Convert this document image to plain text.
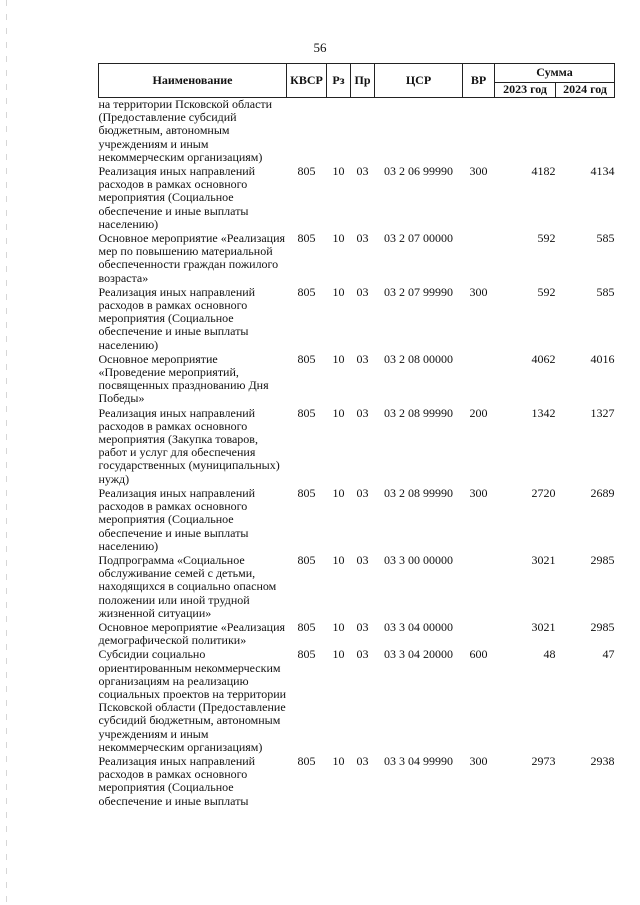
56
Наименование	КВСР	Рз	Пр	ЦСР	ВР	Сумма	
						2023 год	2024 год
на территории Псковской области (Предоставление субсидий бюджетным, автономным учреждениям и иным некоммерческим организациям)							
Реализация иных направлений расходов в рамках основного мероприятия (Социальное обеспечение и иные выплаты населению)	805	10	03	03 2 06 99990	300	4182	4134
Основное мероприятие «Реализация мер по повышению материальной обеспеченности граждан пожилого возраста»	805	10	03	03 2 07 00000		592	585
Реализация иных направлений расходов в рамках основного мероприятия (Социальное обеспечение и иные выплаты населению)	805	10	03	03 2 07 99990	300	592	585
Основное мероприятие «Проведение мероприятий, посвященных празднованию Дня Победы»	805	10	03	03 2 08 00000		4062	4016
Реализация иных направлений расходов в рамках основного мероприятия (Закупка товаров, работ и услуг для обеспечения государственных (муниципальных) нужд)	805	10	03	03 2 08 99990	200	1342	1327
Реализация иных направлений расходов в рамках основного мероприятия (Социальное обеспечение и иные выплаты населению)	805	10	03	03 2 08 99990	300	2720	2689
Подпрограмма «Социальное обслуживание семей с детьми, находящихся в социально опасном положении или иной трудной жизненной ситуации»	805	10	03	03 3 00 00000		3021	2985
Основное мероприятие «Реализация демографической политики»	805	10	03	03 3 04 00000		3021	2985
Субсидии социально ориентированным некоммерческим организациям на реализацию социальных проектов на территории Псковской области (Предоставление субсидий бюджетным, автономным учреждениям и иным некоммерческим организациям)	805	10	03	03 3 04 20000	600	48	47
Реализация иных направлений расходов в рамках основного мероприятия (Социальное обеспечение и иные выплаты	805	10	03	03 3 04 99990	300	2973	2938
